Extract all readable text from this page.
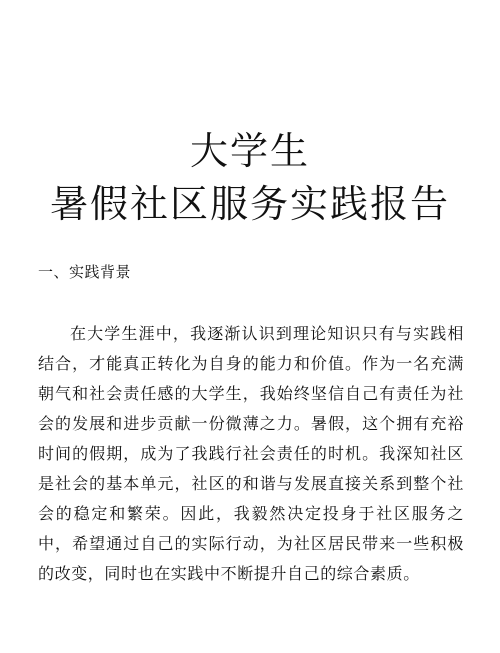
大学生
暑假社区服务实践报告
一、实践背景

在大学生涯中，我逐渐认识到理论知识只有与实践相结合，才能真正转化为自身的能力和价值。作为一名充满朝气和社会责任感的大学生，我始终坚信自己有责任为社会的发展和进步贡献一份微薄之力。暑假，这个拥有充裕时间的假期，成为了我践行社会责任的时机。我深知社区是社会的基本单元，社区的和谐与发展直接关系到整个社会的稳定和繁荣。因此，我毅然决定投身于社区服务之中，希望通过自己的实际行动，为社区居民带来一些积极的改变，同时也在实践中不断提升自己的综合素质。
